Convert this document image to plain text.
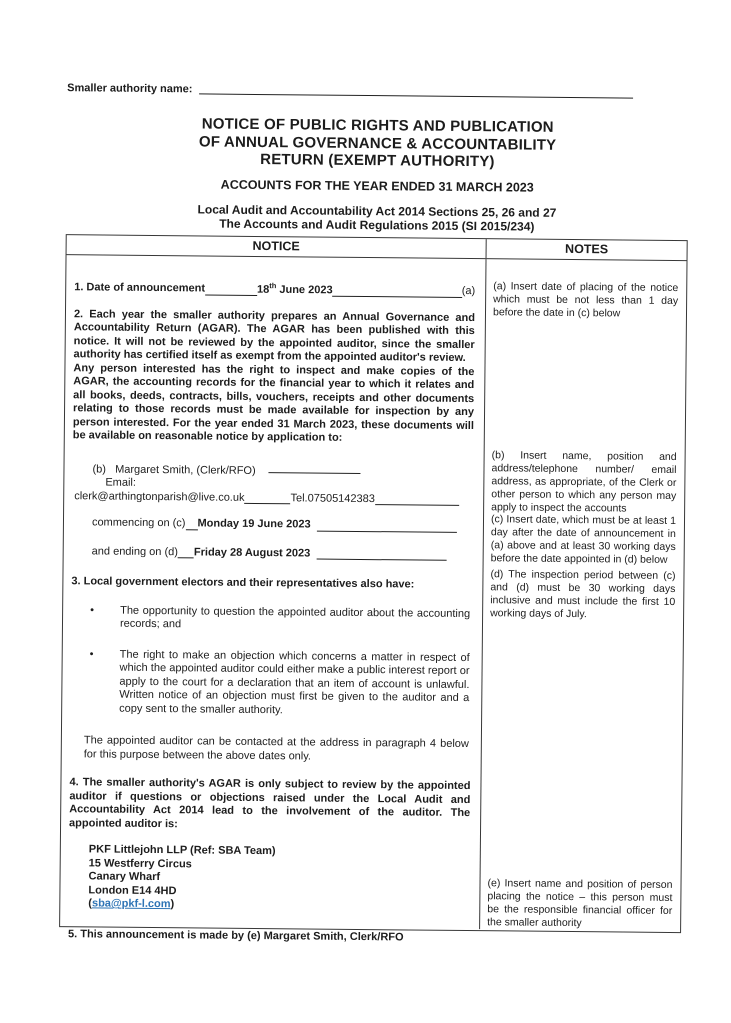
Smaller authority name:
NOTICE OF PUBLIC RIGHTS AND PUBLICATION
OF ANNUAL GOVERNANCE & ACCOUNTABILITY
RETURN (EXEMPT AUTHORITY)
ACCOUNTS FOR THE YEAR ENDED 31 MARCH 2023
Local Audit and Accountability Act 2014 Sections 25, 26 and 27
The Accounts and Audit Regulations 2015 (SI 2015/234)
NOTICE	NOTES
1. Date of announcement	18th June 2023	(a)
2. Each year the smaller authority prepares an Annual Governance and Accountability Return (AGAR). The AGAR has been published with this notice. It will not be reviewed by the appointed auditor, since the smaller authority has certified itself as exempt from the appointed auditor's review.
Any person interested has the right to inspect and make copies of the AGAR, the accounting records for the financial year to which it relates and all books, deeds, contracts, bills, vouchers, receipts and other documents relating to those records must be made available for inspection by any person interested. For the year ended 31 March 2023, these documents will be available on reasonable notice by application to:
(b) Margaret Smith, (Clerk/RFO)
Email:
clerk@arthingtonparish@live.co.uk	Tel.07505142383
commencing on (c) Monday 19 June 2023
and ending on (d) Friday 28 August 2023
3. Local government electors and their representatives also have:
•	The opportunity to question the appointed auditor about the accounting records; and
•	The right to make an objection which concerns a matter in respect of which the appointed auditor could either make a public interest report or apply to the court for a declaration that an item of account is unlawful. Written notice of an objection must first be given to the auditor and a copy sent to the smaller authority.
The appointed auditor can be contacted at the address in paragraph 4 below for this purpose between the above dates only.
4. The smaller authority's AGAR is only subject to review by the appointed auditor if questions or objections raised under the Local Audit and Accountability Act 2014 lead to the involvement of the auditor. The appointed auditor is:
PKF Littlejohn LLP (Ref: SBA Team)
15 Westferry Circus
Canary Wharf
London E14 4HD
(sba@pkf-l.com)
5. This announcement is made by (e) Margaret Smith, Clerk/RFO
(a) Insert date of placing of the notice which must be not less than 1 day before the date in (c) below
(b) Insert name, position and address/telephone number/ email address, as appropriate, of the Clerk or other person to which any person may apply to inspect the accounts
(c) Insert date, which must be at least 1 day after the date of announcement in (a) above and at least 30 working days before the date appointed in (d) below
(d) The inspection period between (c) and (d) must be 30 working days inclusive and must include the first 10 working days of July.
(e) Insert name and position of person placing the notice – this person must be the responsible financial officer for the smaller authority
